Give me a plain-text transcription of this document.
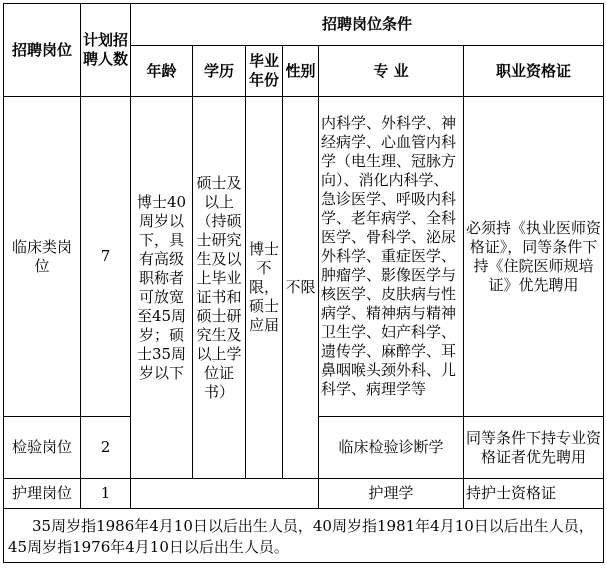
招聘岗位	计划招聘人数	招聘岗位条件					

		年龄	学历	毕业年份	性别	专 业	职业资格证

临床类岗位	7	博士40周岁以下，具有高级职称者可放宽至45周岁；硕士35周岁以下	硕士及以上（持硕士研究生及以上毕业证书和硕士研究生及以上学位证书）	博士不限，硕士应届	不限	内科学、外科学、神经病学、心血管内科学（电生理、冠脉方向）、消化内科学、急诊医学、呼吸内科学、老年病学、全科医学、骨科学、泌尿外科学、重症医学、肿瘤学、影像医学与核医学、皮肤病与性病学、精神病与精神卫生学、妇产科学、遗传学、麻醉学、耳鼻咽喉头颈外科、儿科学、病理学等	必须持《执业医师资格证》，同等条件下持《住院医师规培证》优先聘用

检验岗位	2					临床检验诊断学	同等条件下持专业资格证者优先聘用

护理岗位	1					护理学	持护士资格证

35周岁指1986年4月10日以后出生人员，40周岁指1981年4月10日以后出生人员，45周岁指1976年4月10日以后出生人员。							
